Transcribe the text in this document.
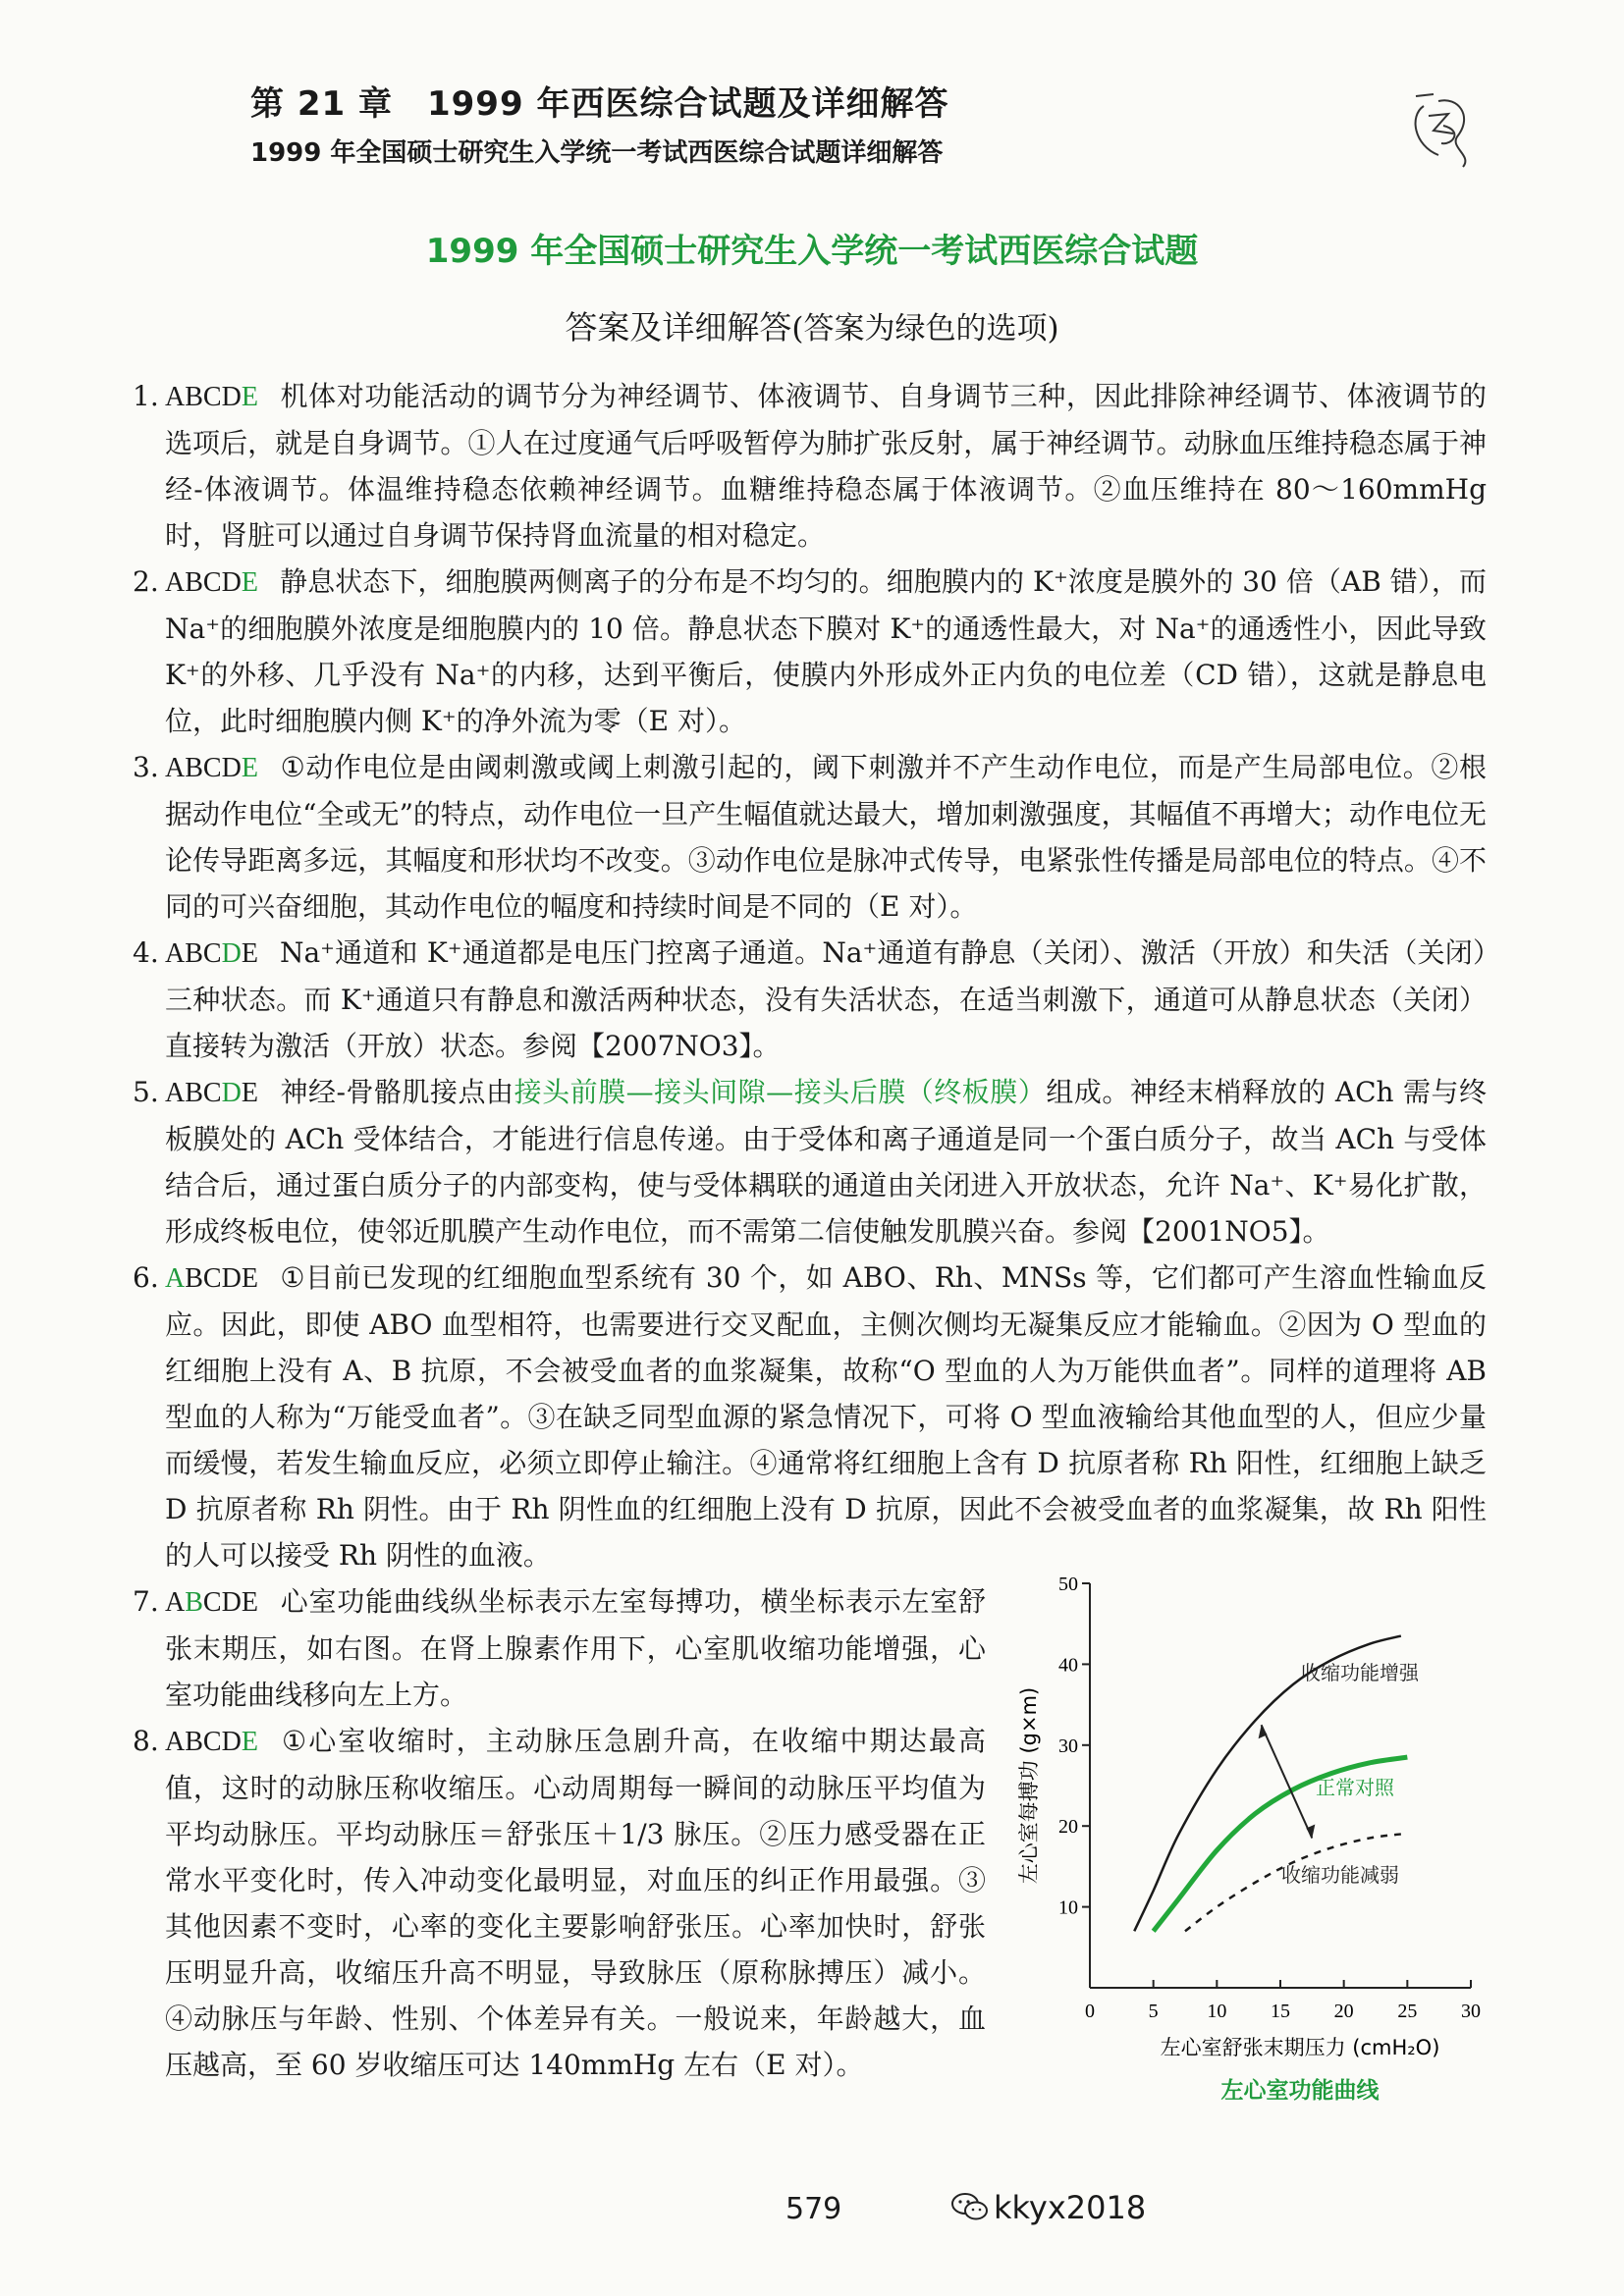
第 21 章　1999 年西医综合试题及详细解答
1999 年全国硕士研究生入学统一考试西医综合试题详细解答
1999 年全国硕士研究生入学统一考试西医综合试题
答案及详细解答(答案为绿色的选项)
1. ABCDE 机体对功能活动的调节分为神经调节、体液调节、自身调节三种，因此排除神经调节、体液调节的选项后，就是自身调节。①人在过度通气后呼吸暂停为肺扩张反射，属于神经调节。动脉血压维持稳态属于神经-体液调节。体温维持稳态依赖神经调节。血糖维持稳态属于体液调节。②血压维持在 80～160mmHg 时，肾脏可以通过自身调节保持肾血流量的相对稳定。
2. ABCDE 静息状态下，细胞膜两侧离子的分布是不均匀的。细胞膜内的 K⁺浓度是膜外的 30 倍（AB 错），而 Na⁺的细胞膜外浓度是细胞膜内的 10 倍。静息状态下膜对 K⁺的通透性最大，对 Na⁺的通透性小，因此导致 K⁺的外移、几乎没有 Na⁺的内移，达到平衡后，使膜内外形成外正内负的电位差（CD 错），这就是静息电位，此时细胞膜内侧 K⁺的净外流为零（E 对）。
3. ABCDE ①动作电位是由阈刺激或阈上刺激引起的，阈下刺激并不产生动作电位，而是产生局部电位。②根据动作电位“全或无”的特点，动作电位一旦产生幅值就达最大，增加刺激强度，其幅值不再增大；动作电位无论传导距离多远，其幅度和形状均不改变。③动作电位是脉冲式传导，电紧张性传播是局部电位的特点。④不同的可兴奋细胞，其动作电位的幅度和持续时间是不同的（E 对）。
4. ABCDE Na⁺通道和 K⁺通道都是电压门控离子通道。Na⁺通道有静息（关闭）、激活（开放）和失活（关闭）三种状态。而 K⁺通道只有静息和激活两种状态，没有失活状态，在适当刺激下，通道可从静息状态（关闭）直接转为激活（开放）状态。参阅【2007NO3】。
5. ABCDE 神经-骨骼肌接点由接头前膜—接头间隙—接头后膜（终板膜）组成。神经末梢释放的 ACh 需与终板膜处的 ACh 受体结合，才能进行信息传递。由于受体和离子通道是同一个蛋白质分子，故当 ACh 与受体结合后，通过蛋白质分子的内部变构，使与受体耦联的通道由关闭进入开放状态，允许 Na⁺、K⁺易化扩散，形成终板电位，使邻近肌膜产生动作电位，而不需第二信使触发肌膜兴奋。参阅【2001NO5】。
6. ABCDE ①目前已发现的红细胞血型系统有 30 个，如 ABO、Rh、MNSs 等，它们都可产生溶血性输血反应。因此，即使 ABO 血型相符，也需要进行交叉配血，主侧次侧均无凝集反应才能输血。②因为 O 型血的红细胞上没有 A、B 抗原，不会被受血者的血浆凝集，故称“O 型血的人为万能供血者”。同样的道理将 AB 型血的人称为“万能受血者”。③在缺乏同型血源的紧急情况下，可将 O 型血液输给其他血型的人，但应少量而缓慢，若发生输血反应，必须立即停止输注。④通常将红细胞上含有 D 抗原者称 Rh 阳性，红细胞上缺乏 D 抗原者称 Rh 阴性。由于 Rh 阴性血的红细胞上没有 D 抗原，因此不会被受血者的血浆凝集，故 Rh 阳性的人可以接受 Rh 阴性的血液。
7. ABCDE 心室功能曲线纵坐标表示左室每搏功，横坐标表示左室舒张末期压，如右图。在肾上腺素作用下，心室肌收缩功能增强，心室功能曲线移向左上方。
8. ABCDE ①心室收缩时，主动脉压急剧升高，在收缩中期达最高值，这时的动脉压称收缩压。心动周期每一瞬间的动脉压平均值为平均动脉压。平均动脉压＝舒张压＋1/3 脉压。②压力感受器在正常水平变化时，传入冲动变化最明显，对血压的纠正作用最强。③其他因素不变时，心率的变化主要影响舒张压。心率加快时，舒张压明显升高，收缩压升高不明显，导致脉压（原称脉搏压）减小。④动脉压与年龄、性别、个体差异有关。一般说来，年龄越大，血压越高，至 60 岁收缩压可达 140mmHg 左右（E 对）。
10
20
30
40
50
0	5 10 15 20 25 30
左心室舒张末期压力 (cmH₂O)
左心室每搏功 (g×m)
左心室功能曲线
收缩功能增强
正常对照
收缩功能减弱
579	kkyx2018
